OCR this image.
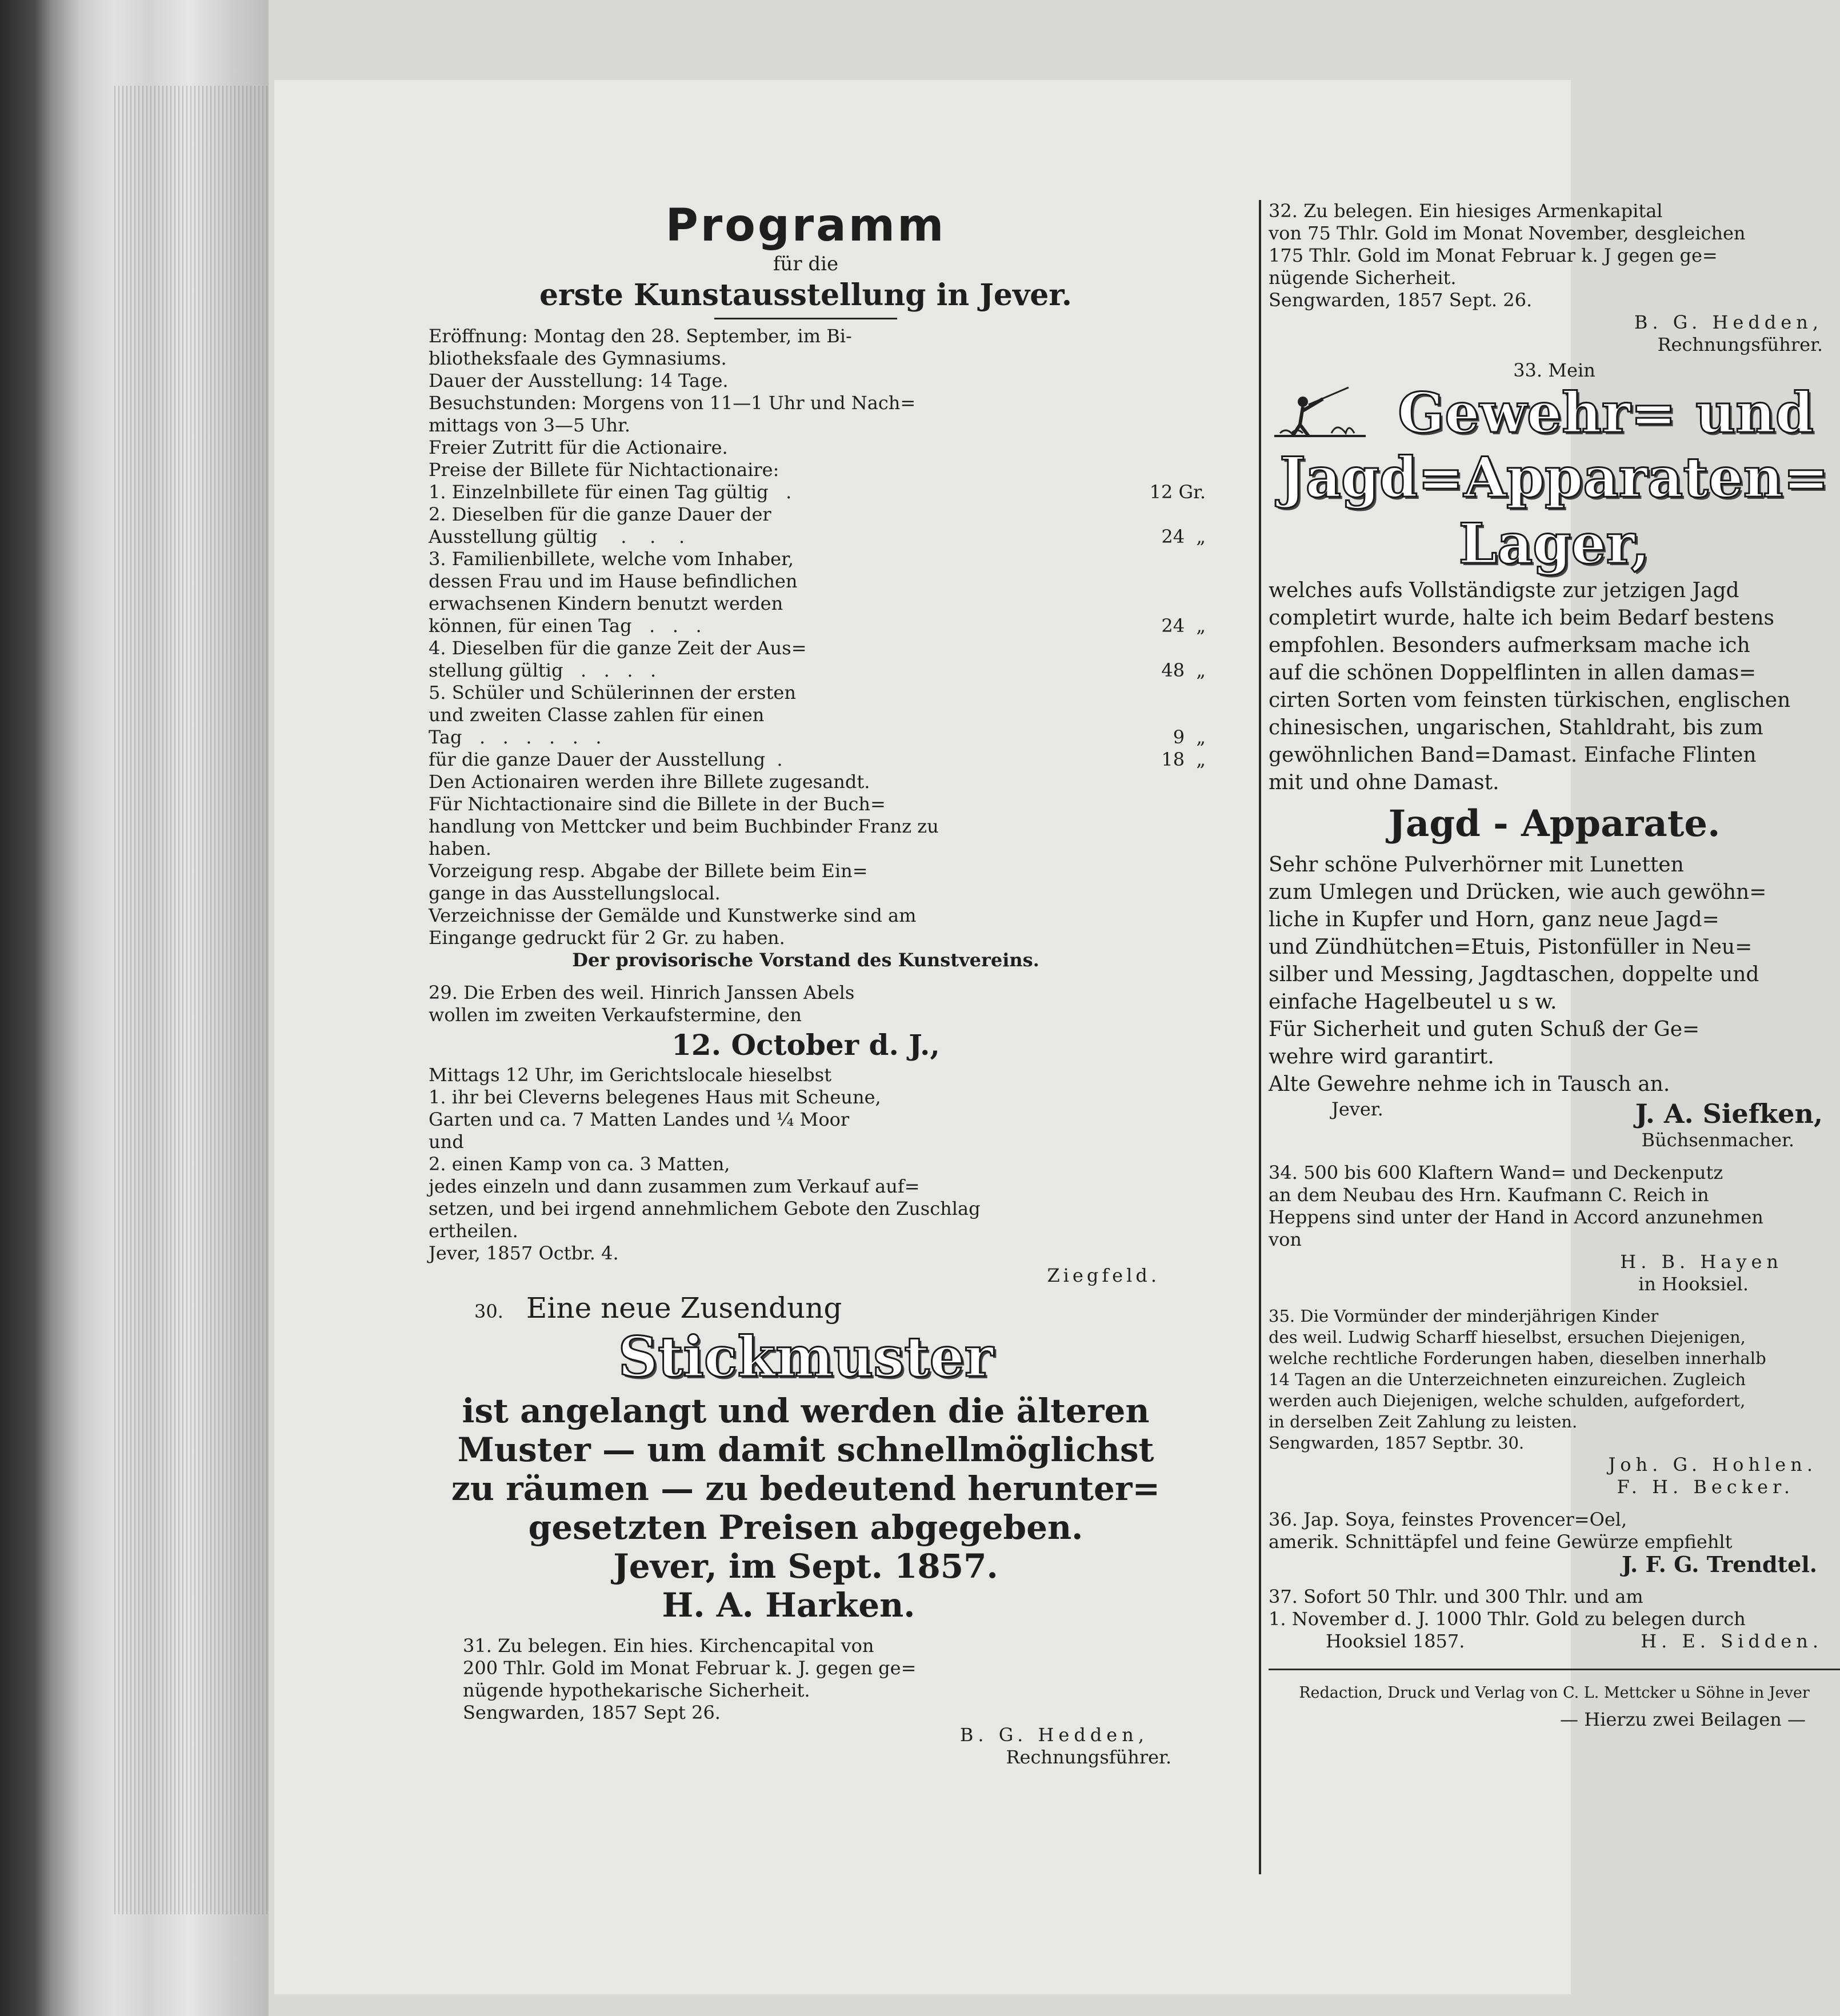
Programm

für die

erste Kunstausstellung in Jever.

Eröffnung: Montag den 28. September, im Bi-

bliotheksfaale des Gymnasiums.

Dauer der Ausstellung: 14 Tage.

Besuchstunden: Morgens von 11—1 Uhr und Nach=

mittags von 3—5 Uhr.

Freier Zutritt für die Actionaire.

Preise der Billete für Nichtactionaire:

1. Einzelnbillete für einen Tag gültig   .	12 Gr.
2. Dieselben für die ganze Dauer der
Ausstellung gültig    .    .    .	24  „
3. Familienbillete, welche vom Inhaber,
dessen Frau und im Hause befindlichen
erwachsenen Kindern benutzt werden
können, für einen Tag   .   .   .	24  „
4. Dieselben für die ganze Zeit der Aus=
stellung gültig   .   .   .   .	48  „
5. Schüler und Schülerinnen der ersten
und zweiten Classe zahlen für einen
Tag   .   .   .   .   .   .	9  „
für die ganze Dauer der Ausstellung  .	18  „

Den Actionairen werden ihre Billete zugesandt.

Für Nichtactionaire sind die Billete in der Buch=

handlung von Mettcker und beim Buchbinder Franz zu

haben.

Vorzeigung resp. Abgabe der Billete beim Ein=

gange in das Ausstellungslocal.

Verzeichnisse der Gemälde und Kunstwerke sind am

Eingange gedruckt für 2 Gr. zu haben.

Der provisorische Vorstand des Kunstvereins.

29. Die Erben des weil. Hinrich Janssen Abels

wollen im zweiten Verkaufstermine, den

12. October d. J.,

Mittags 12 Uhr, im Gerichtslocale hieselbst

1. ihr bei Cleverns belegenes Haus mit Scheune,

Garten und ca. 7 Matten Landes und ¼ Moor

und

2. einen Kamp von ca. 3 Matten,

jedes einzeln und dann zusammen zum Verkauf auf=

setzen, und bei irgend annehmlichem Gebote den Zuschlag

ertheilen.

Jever, 1857 Octbr. 4.

Ziegfeld.

30. Eine neue Zusendung

Stickmuster

ist angelangt und werden die älteren

Muster — um damit schnellmöglichst

zu räumen — zu bedeutend herunter=

gesetzten Preisen abgegeben.

Jever, im Sept. 1857.

H. A. Harken.

31. Zu belegen. Ein hies. Kirchencapital von

200 Thlr. Gold im Monat Februar k. J. gegen ge=

nügende hypothekarische Sicherheit.

Sengwarden, 1857 Sept 26.

B. G. Hedden,

Rechnungsführer.

32. Zu belegen. Ein hiesiges Armenkapital

von 75 Thlr. Gold im Monat November, desgleichen

175 Thlr. Gold im Monat Februar k. J gegen ge=

nügende Sicherheit.

Sengwarden, 1857 Sept. 26.

B. G. Hedden,

Rechnungsführer.

33. Mein

Gewehr= und

Jagd=Apparaten=

Lager,

welches aufs Vollständigste zur jetzigen Jagd

completirt wurde, halte ich beim Bedarf bestens

empfohlen. Besonders aufmerksam mache ich

auf die schönen Doppelflinten in allen damas=

cirten Sorten vom feinsten türkischen, englischen

chinesischen, ungarischen, Stahldraht, bis zum

gewöhnlichen Band=Damast. Einfache Flinten

mit und ohne Damast.

Jagd - Apparate.

Sehr schöne Pulverhörner mit Lunetten

zum Umlegen und Drücken, wie auch gewöhn=

liche in Kupfer und Horn, ganz neue Jagd=

und Zündhütchen=Etuis, Pistonfüller in Neu=

silber und Messing, Jagdtaschen, doppelte und

einfache Hagelbeutel u s w.

Für Sicherheit und guten Schuß der Ge=

wehre wird garantirt.

Alte Gewehre nehme ich in Tausch an.

Jever.	J. A. Siefken,

Büchsenmacher.

34. 500 bis 600 Klaftern Wand= und Deckenputz

an dem Neubau des Hrn. Kaufmann C. Reich in

Heppens sind unter der Hand in Accord anzunehmen

von

H. B. Hayen

in Hooksiel.

35. Die Vormünder der minderjährigen Kinder

des weil. Ludwig Scharff hieselbst, ersuchen Diejenigen,

welche rechtliche Forderungen haben, dieselben innerhalb

14 Tagen an die Unterzeichneten einzureichen. Zugleich

werden auch Diejenigen, welche schulden, aufgefordert,

in derselben Zeit Zahlung zu leisten.

Sengwarden, 1857 Septbr. 30.

Joh. G. Hohlen.

F. H. Becker.

36. Jap. Soya, feinstes Provencer=Oel,

amerik. Schnittäpfel und feine Gewürze empfiehlt

J. F. G. Trendtel.

37. Sofort 50 Thlr. und 300 Thlr. und am

1. November d. J. 1000 Thlr. Gold zu belegen durch

Hooksiel 1857.	H. E. Sidden.

Redaction, Druck und Verlag von C. L. Mettcker u Söhne in Jever

— Hierzu zwei Beilagen —
